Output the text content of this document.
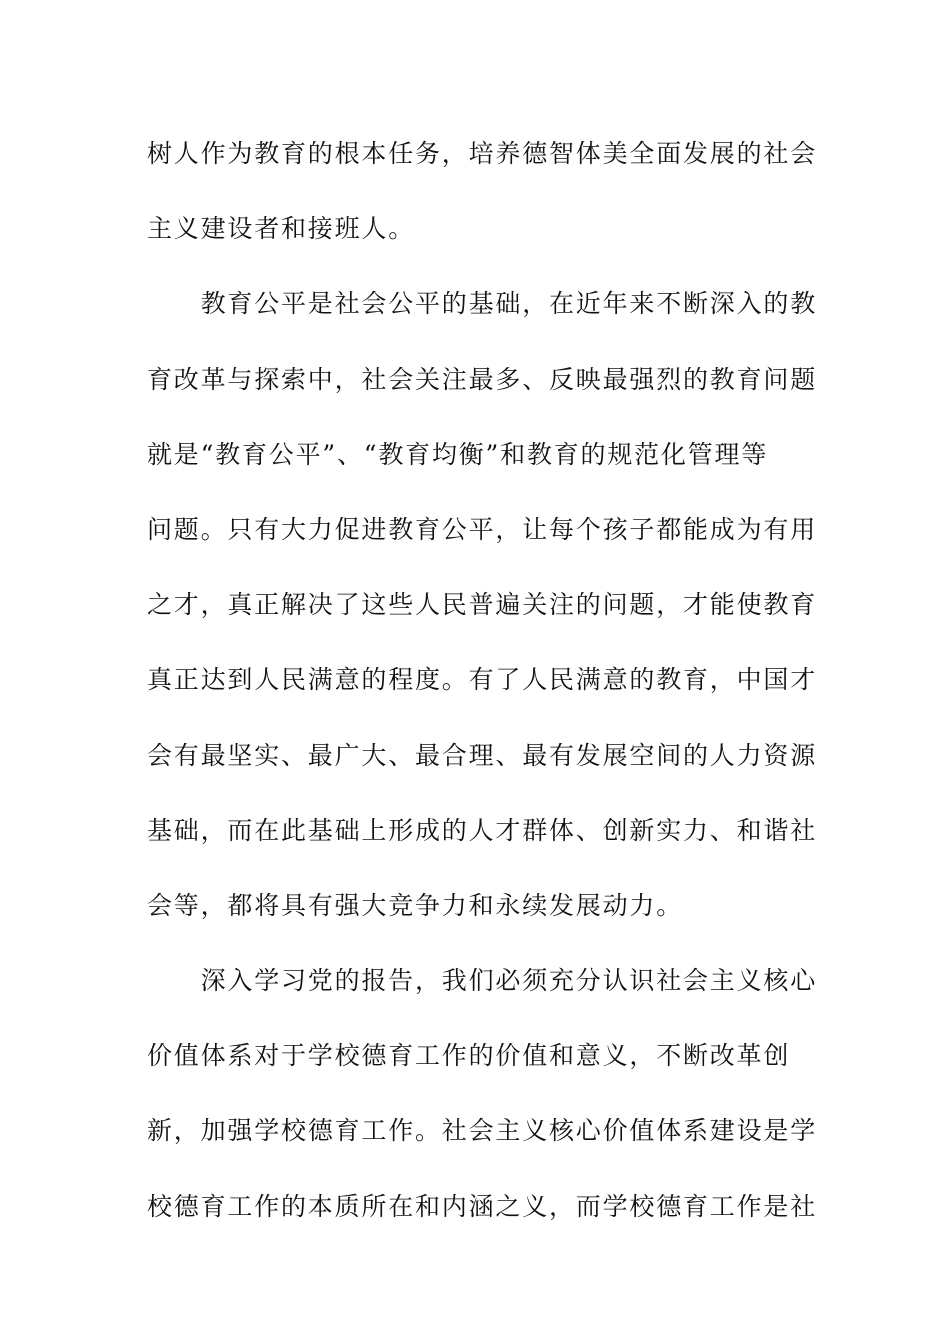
树人作为教育的根本任务，培养德智体美全面发展的社会
主义建设者和接班人。
　　教育公平是社会公平的基础，在近年来不断深入的教
育改革与探索中，社会关注最多、反映最强烈的教育问题
就是“教育公平”、“教育均衡”和教育的规范化管理等
问题。只有大力促进教育公平，让每个孩子都能成为有用
之才，真正解决了这些人民普遍关注的问题，才能使教育
真正达到人民满意的程度。有了人民满意的教育，中国才
会有最坚实、最广大、最合理、最有发展空间的人力资源
基础，而在此基础上形成的人才群体、创新实力、和谐社
会等，都将具有强大竞争力和永续发展动力。
　　深入学习党的报告，我们必须充分认识社会主义核心
价值体系对于学校德育工作的价值和意义，不断改革创
新，加强学校德育工作。社会主义核心价值体系建设是学
校德育工作的本质所在和内涵之义，而学校德育工作是社
